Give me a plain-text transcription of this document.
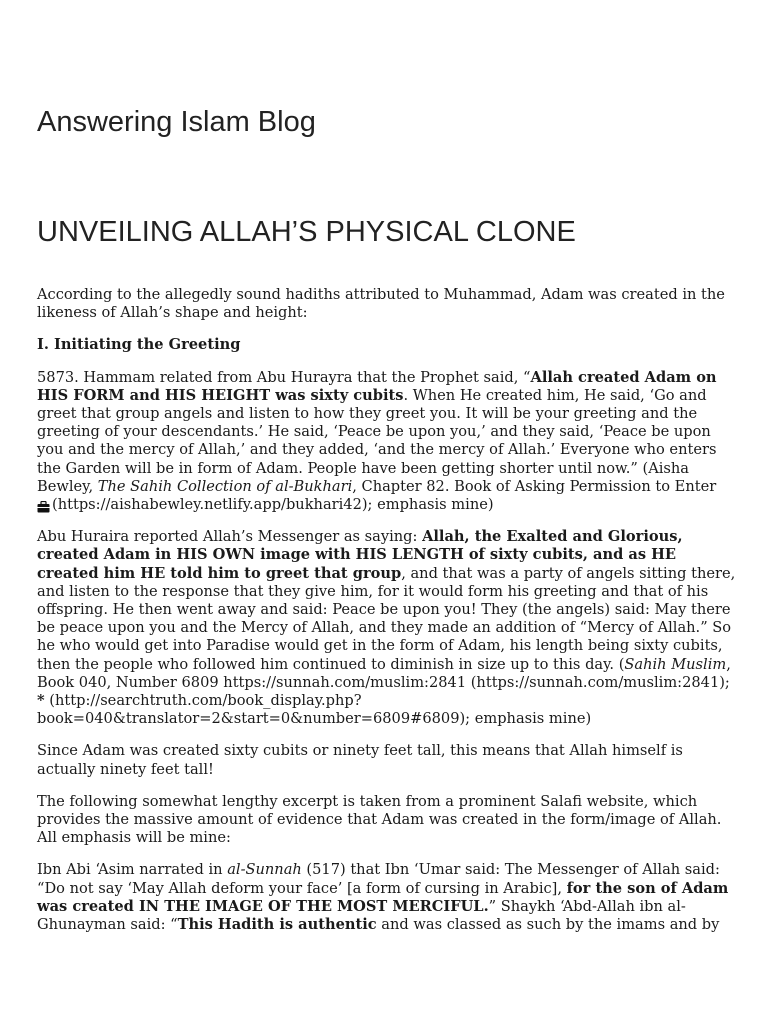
Answering Islam Blog
UNVEILING ALLAH’S PHYSICAL CLONE

According to the allegedly sound hadiths attributed to Muhammad, Adam was created in the likeness of Allah’s shape and height:

I. Initiating the Greeting

5873. Hammam related from Abu Hurayra that the Prophet said, “Allah created Adam on HIS FORM and HIS HEIGHT was sixty cubits. When He created him, He said, ‘Go and greet that group angels and listen to how they greet you. It will be your greeting and the greeting of your descendants.’ He said, ‘Peace be upon you,’ and they said, ‘Peace be upon you and the mercy of Allah,’ and they added, ‘and the mercy of Allah.’ Everyone who enters the Garden will be in form of Adam. People have been getting shorter until now.” (Aisha Bewley, The Sahih Collection of al-Bukhari, Chapter 82. Book of Asking Permission to Enter

(https://aishabewley.netlify.app/bukhari42); emphasis mine)

Abu Huraira reported Allah’s Messenger as saying: Allah, the Exalted and Glorious, created Adam in HIS OWN image with HIS LENGTH of sixty cubits, and as HE created him HE told him to greet that group, and that was a party of angels sitting there, and listen to the response that they give him, for it would form his greeting and that of his offspring. He then went away and said: Peace be upon you! They (the angels) said: May there be peace upon you and the Mercy of Allah, and they made an addition of “Mercy of Allah.” So he who would get into Paradise would get in the form of Adam, his length being sixty cubits, then the people who followed him continued to diminish in size up to this day. (Sahih Muslim, Book 040, Number 6809 https://sunnah.com/muslim:2841 (https://sunnah.com/muslim:2841); * (http://searchtruth.com/book_display.php?book=040&translator=2&start=0&number=6809#6809); emphasis mine)

Since Adam was created sixty cubits or ninety feet tall, this means that Allah himself is actually ninety feet tall!

The following somewhat lengthy excerpt is taken from a prominent Salafi website, which provides the massive amount of evidence that Adam was created in the form/image of Allah. All emphasis will be mine:

Ibn Abi ‘Asim narrated in al-Sunnah (517) that Ibn ‘Umar said: The Messenger of Allah said: “Do not say ‘May Allah deform your face’ [a form of cursing in Arabic], for the son of Adam was created IN THE IMAGE OF THE MOST MERCIFUL.” Shaykh ‘Abd-Allah ibn al-Ghunayman said: “This Hadith is authentic and was classed as such by the imams and by
